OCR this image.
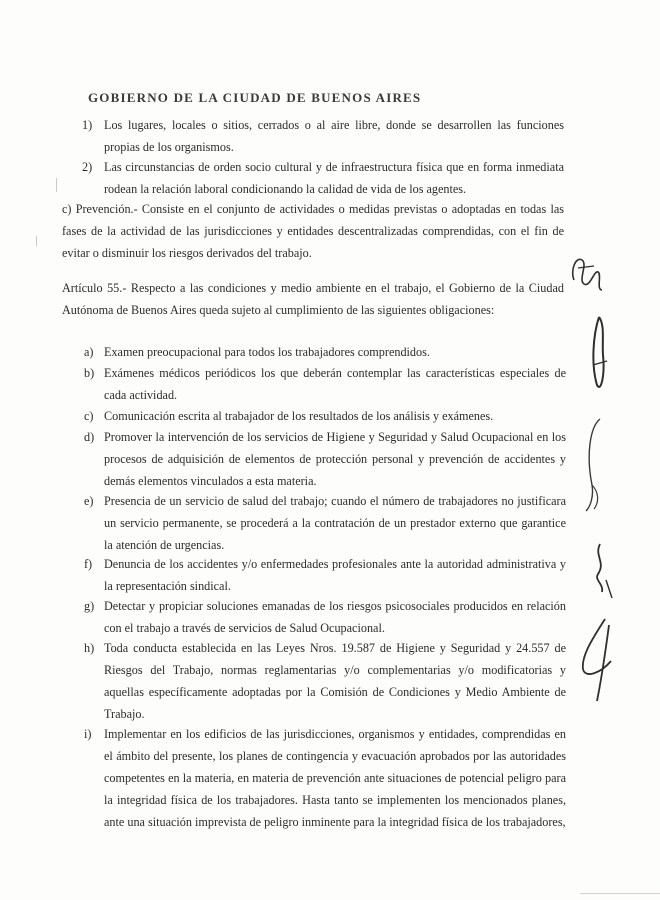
GOBIERNO DE LA CIUDAD DE BUENOS AIRES
1) Los lugares, locales o sitios, cerrados o al aire libre, donde se desarrollen las funciones propias de los organismos.
2) Las circunstancias de orden socio cultural y de infraestructura física que en forma inmediata rodean la relación laboral condicionando la calidad de vida de los agentes.
c) Prevención.- Consiste en el conjunto de actividades o medidas previstas o adoptadas en todas las fases de la actividad de las jurisdicciones y entidades descentralizadas comprendidas, con el fin de evitar o disminuir los riesgos derivados del trabajo.
Artículo 55.- Respecto a las condiciones y medio ambiente en el trabajo, el Gobierno de la Ciudad Autónoma de Buenos Aires queda sujeto al cumplimiento de las siguientes obligaciones:
a) Examen preocupacional para todos los trabajadores comprendidos.
b) Exámenes médicos periódicos los que deberán contemplar las características especiales de cada actividad.
c) Comunicación escrita al trabajador de los resultados de los análisis y exámenes.
d) Promover la intervención de los servicios de Higiene y Seguridad y Salud Ocupacional en los procesos de adquisición de elementos de protección personal y prevención de accidentes y demás elementos vinculados a esta materia.
e) Presencia de un servicio de salud del trabajo; cuando el número de trabajadores no justificara un servicio permanente, se procederá a la contratación de un prestador externo que garantice la atención de urgencias.
f) Denuncia de los accidentes y/o enfermedades profesionales ante la autoridad administrativa y la representación sindical.
g) Detectar y propiciar soluciones emanadas de los riesgos psicosociales producidos en relación con el trabajo a través de servicios de Salud Ocupacional.
h) Toda conducta establecida en las Leyes Nros. 19.587 de Higiene y Seguridad y 24.557 de Riesgos del Trabajo, normas reglamentarias y/o complementarias y/o modificatorias y aquellas específicamente adoptadas por la Comisión de Condiciones y Medio Ambiente de Trabajo.
i) Implementar en los edificios de las jurisdicciones, organismos y entidades, comprendidas en el ámbito del presente, los planes de contingencia y evacuación aprobados por las autoridades competentes en la materia, en materia de prevención ante situaciones de potencial peligro para la integridad física de los trabajadores. Hasta tanto se implementen los mencionados planes, ante una situación imprevista de peligro inminente para la integridad física de los trabajadores,
